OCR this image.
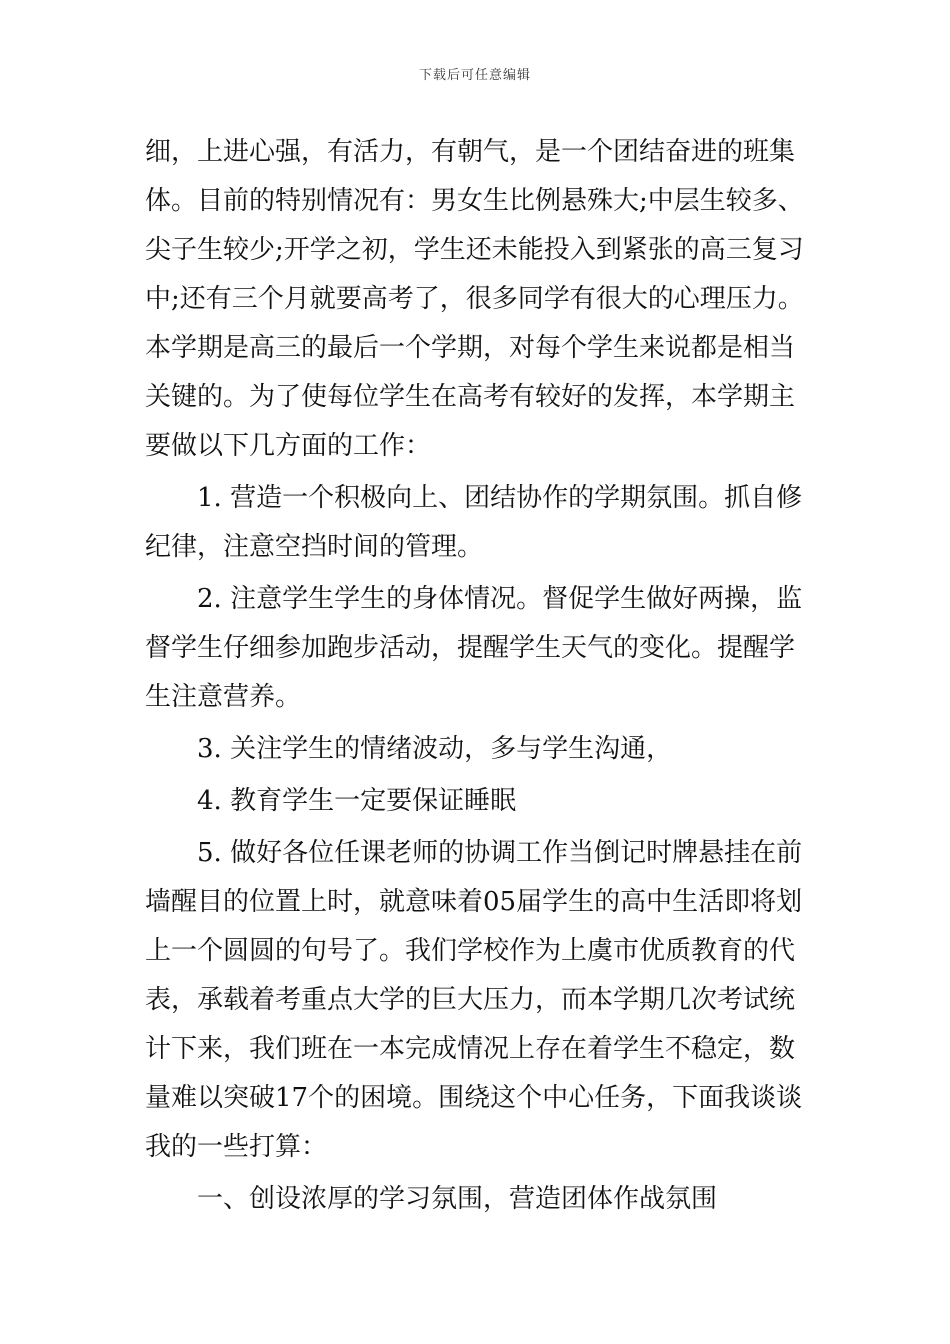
下载后可任意编辑
细，上进心强，有活力，有朝气，是一个团结奋进的班集
体。目前的特别情况有：男女生比例悬殊大;中层生较多、
尖子生较少;开学之初，学生还未能投入到紧张的高三复习
中;还有三个月就要高考了，很多同学有很大的心理压力。
本学期是高三的最后一个学期，对每个学生来说都是相当
关键的。为了使每位学生在高考有较好的发挥，本学期主
要做以下几方面的工作：
1. 营造一个积极向上、团结协作的学期氛围。抓自修
纪律，注意空挡时间的管理。
2. 注意学生学生的身体情况。督促学生做好两操，监
督学生仔细参加跑步活动，提醒学生天气的变化。提醒学
生注意营养。
3. 关注学生的情绪波动，多与学生沟通，
4. 教育学生一定要保证睡眠
5. 做好各位任课老师的协调工作当倒记时牌悬挂在前
墙醒目的位置上时，就意味着05届学生的高中生活即将划
上一个圆圆的句号了。我们学校作为上虞市优质教育的代
表，承载着考重点大学的巨大压力，而本学期几次考试统
计下来，我们班在一本完成情况上存在着学生不稳定，数
量难以突破17个的困境。围绕这个中心任务，下面我谈谈
我的一些打算：
一、创设浓厚的学习氛围，营造团体作战氛围
